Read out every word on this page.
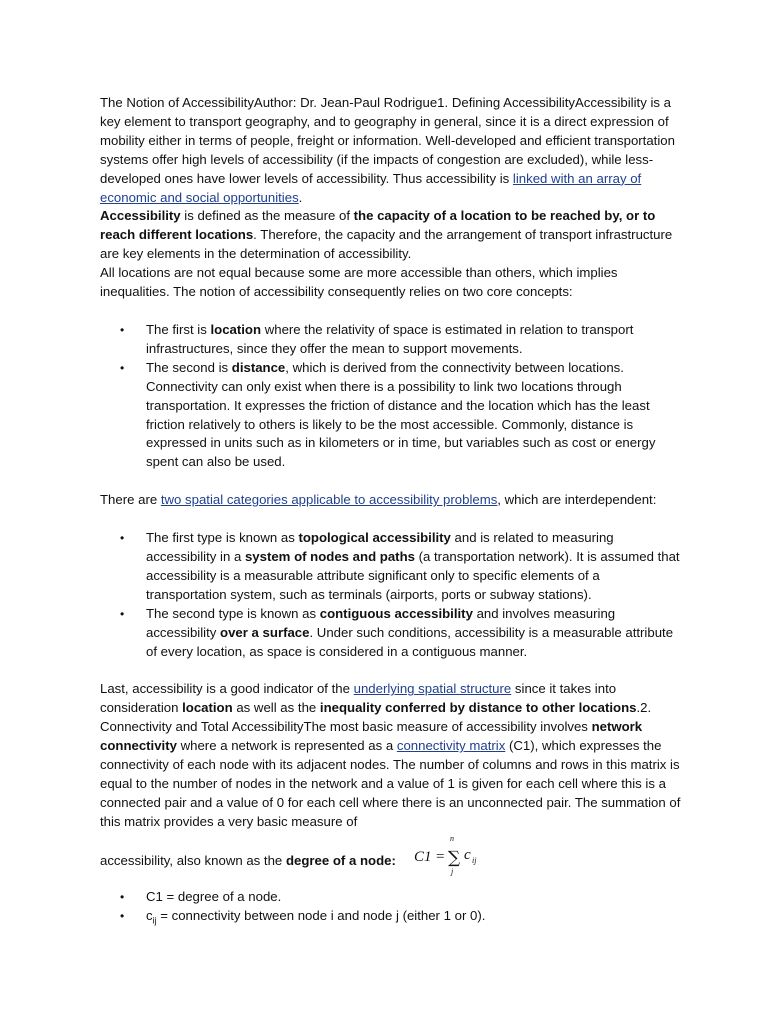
The Notion of AccessibilityAuthor: Dr. Jean-Paul Rodrigue1. Defining AccessibilityAccessibility is a key element to transport geography, and to geography in general, since it is a direct expression of mobility either in terms of people, freight or information. Well-developed and efficient transportation systems offer high levels of accessibility (if the impacts of congestion are excluded), while less-developed ones have lower levels of accessibility. Thus accessibility is linked with an array of economic and social opportunities.

Accessibility is defined as the measure of the capacity of a location to be reached by, or to reach different locations. Therefore, the capacity and the arrangement of transport infrastructure are key elements in the determination of accessibility.

All locations are not equal because some are more accessible than others, which implies inequalities. The notion of accessibility consequently relies on two core concepts:

• The first is location where the relativity of space is estimated in relation to transport infrastructures, since they offer the mean to support movements.
• The second is distance, which is derived from the connectivity between locations. Connectivity can only exist when there is a possibility to link two locations through transportation. It expresses the friction of distance and the location which has the least friction relatively to others is likely to be the most accessible. Commonly, distance is expressed in units such as in kilometers or in time, but variables such as cost or energy spent can also be used.

There are two spatial categories applicable to accessibility problems, which are interdependent:

• The first type is known as topological accessibility and is related to measuring accessibility in a system of nodes and paths (a transportation network). It is assumed that accessibility is a measurable attribute significant only to specific elements of a transportation system, such as terminals (airports, ports or subway stations).
• The second type is known as contiguous accessibility and involves measuring accessibility over a surface. Under such conditions, accessibility is a measurable attribute of every location, as space is considered in a contiguous manner.

Last, accessibility is a good indicator of the underlying spatial structure since it takes into consideration location as well as the inequality conferred by distance to other locations.2. Connectivity and Total AccessibilityThe most basic measure of accessibility involves network connectivity where a network is represented as a connectivity matrix (C1), which expresses the connectivity of each node with its adjacent nodes. The number of columns and rows in this matrix is equal to the number of nodes in the network and a value of 1 is given for each cell where this is a connected pair and a value of 0 for each cell where there is an unconnected pair. The summation of this matrix provides a very basic measure of

accessibility, also known as the degree of a node: C1 =
n
∑
j
c ij
• C1 = degree of a node.
• $c_{ij}$ = connectivity between node i and node j (either 1 or 0).
